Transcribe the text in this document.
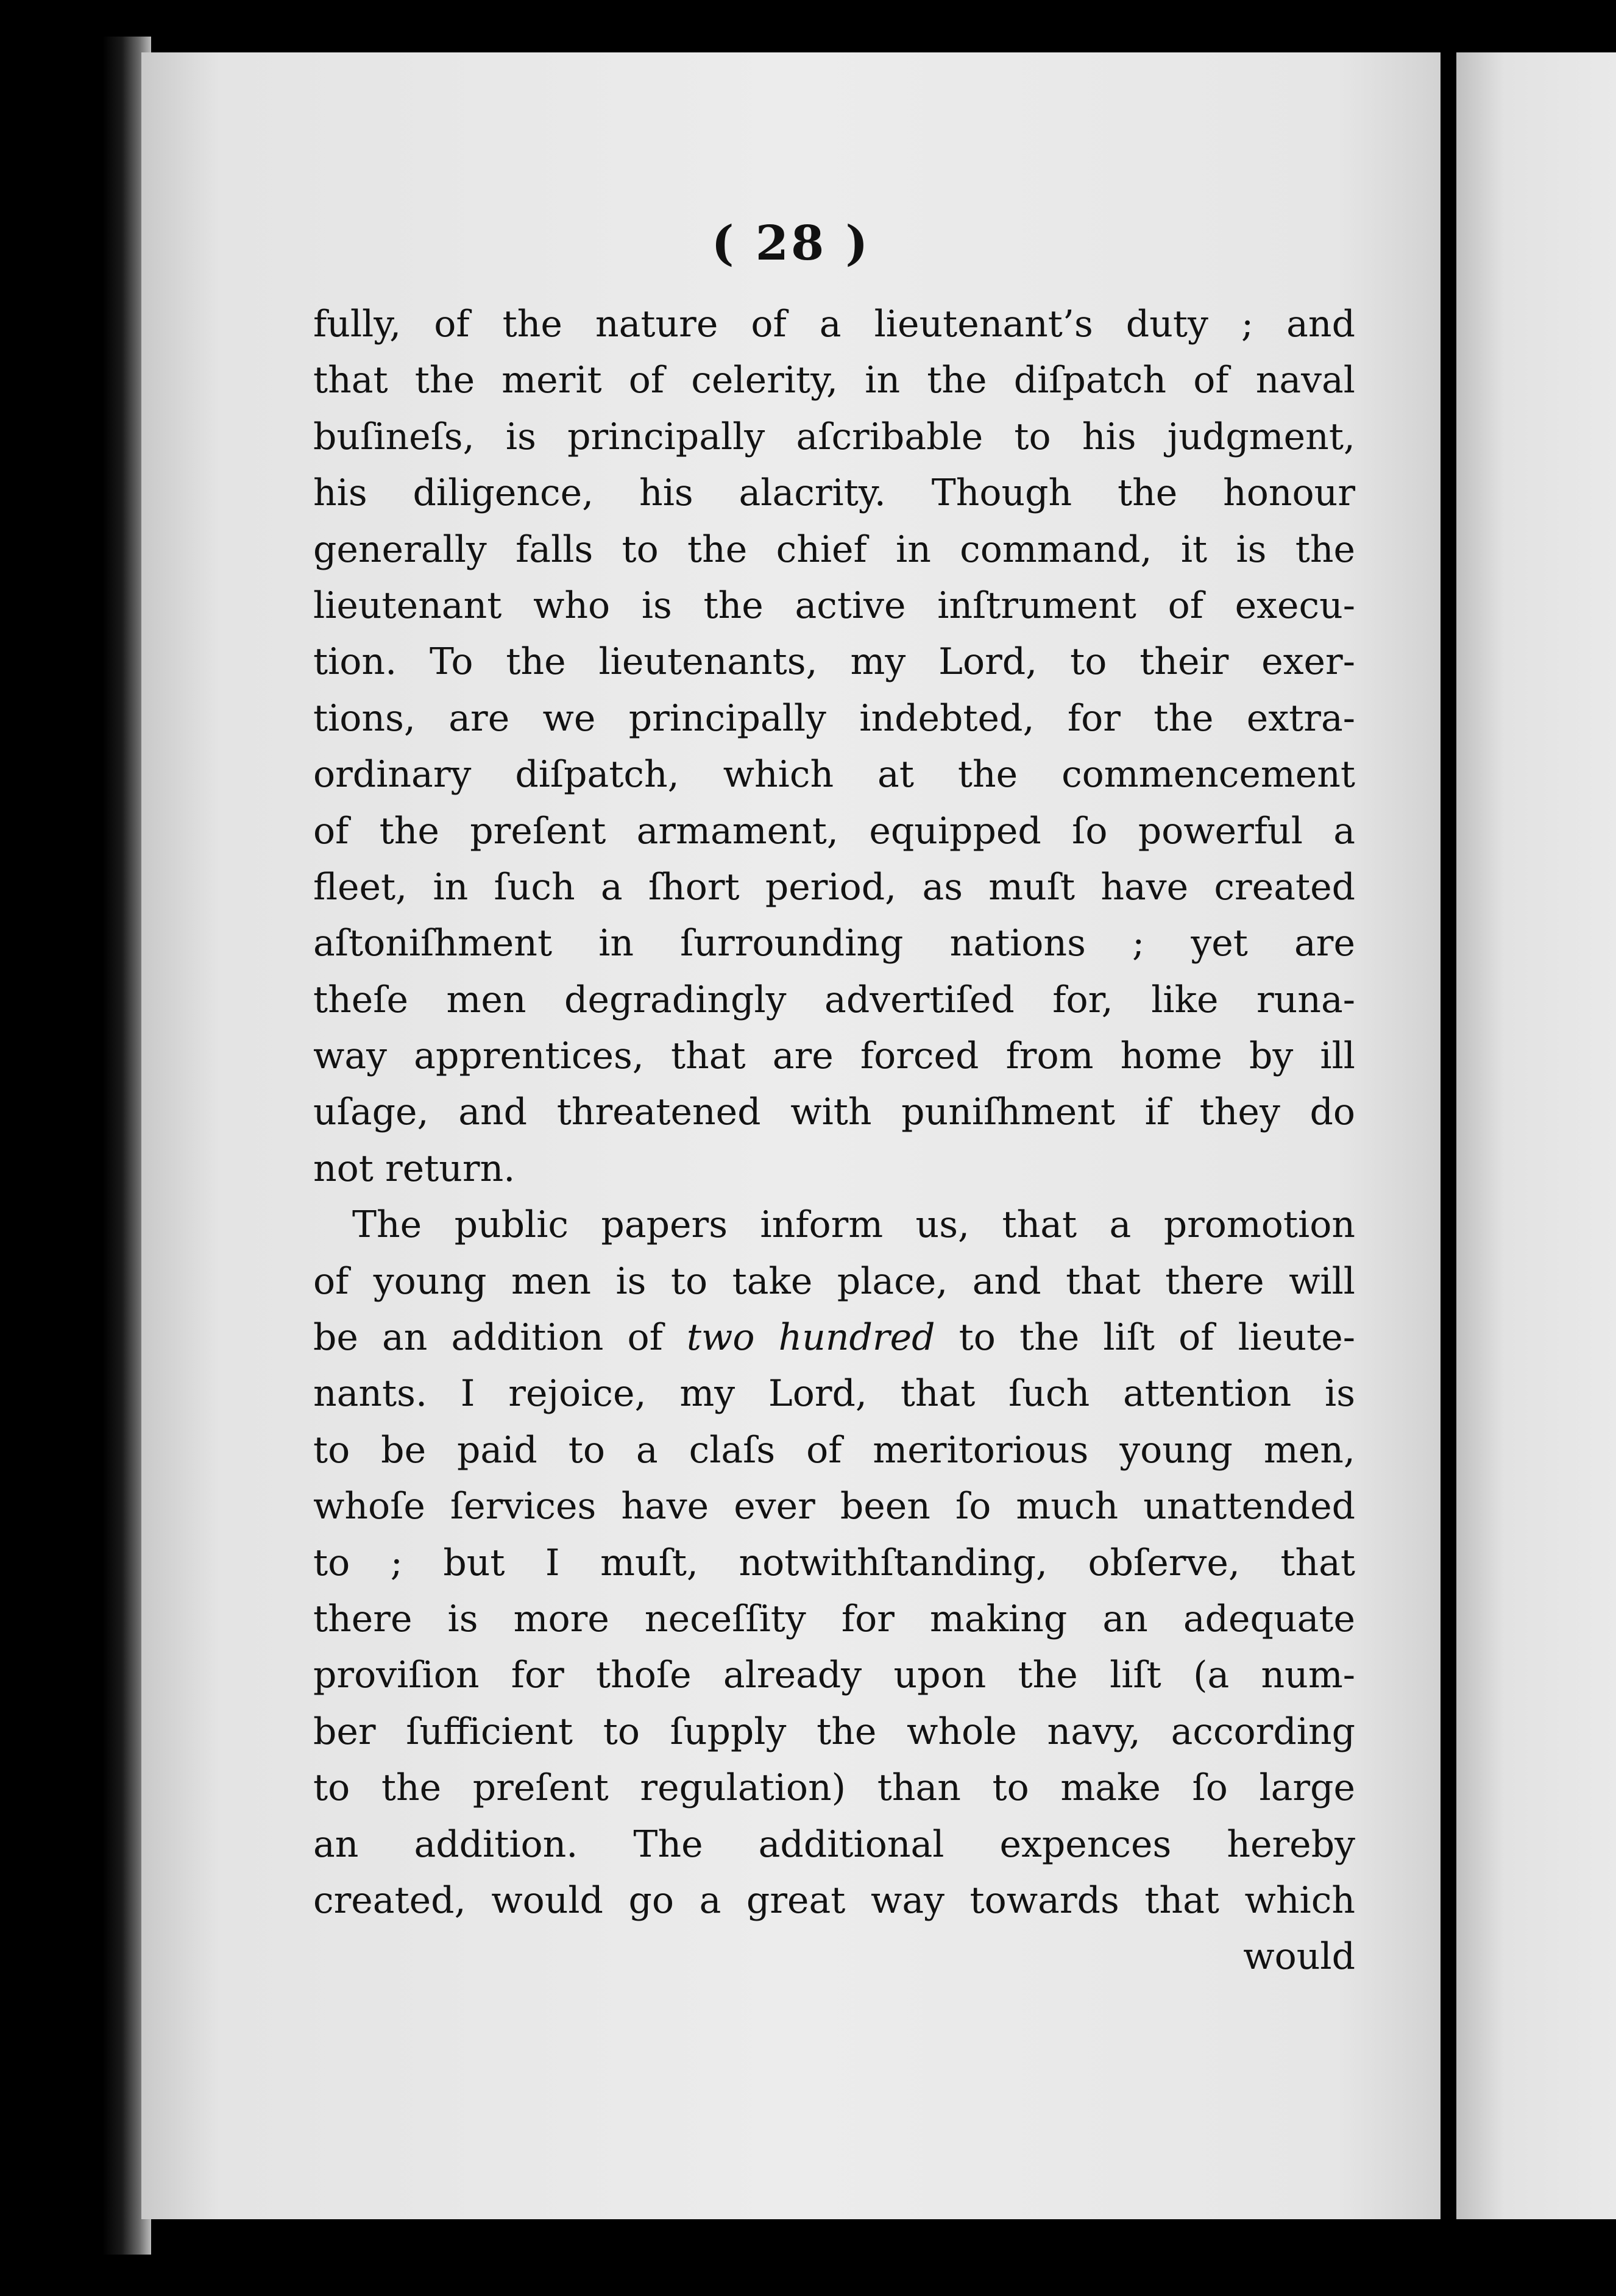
( 28 )
fully, of the nature of a lieutenant’s duty ; and
that the merit of celerity, in the diſpatch of naval
buſineſs, is principally aſcribable to his judgment,
his diligence, his alacrity. Though the honour
generally falls to the chief in command, it is the
lieutenant who is the active inſtrument of execu-
tion. To the lieutenants, my Lord, to their exer-
tions, are we principally indebted, for the extra-
ordinary diſpatch, which at the commencement
of the preſent armament, equipped ſo powerful a
fleet, in ſuch a ſhort period, as muſt have created
aſtoniſhment in ſurrounding nations ; yet are
theſe men degradingly advertiſed for, like runa-
way apprentices, that are forced from home by ill
uſage, and threatened with puniſhment if they do
not return.
The public papers inform us, that a promotion
of young men is to take place, and that there will
be an addition of two hundred to the liſt of lieute-
nants. I rejoice, my Lord, that ſuch attention is
to be paid to a claſs of meritorious young men,
whoſe ſervices have ever been ſo much unattended
to ; but I muſt, notwithſtanding, obſerve, that
there is more neceſſity for making an adequate
proviſion for thoſe already upon the liſt (a num-
ber ſufficient to ſupply the whole navy, according
to the preſent regulation) than to make ſo large
an addition. The additional expences hereby
created, would go a great way towards that which
would
